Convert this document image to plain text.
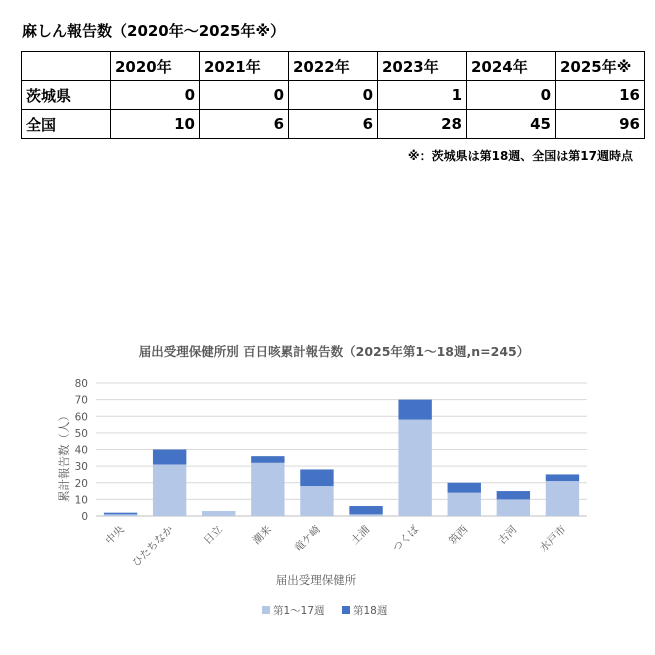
麻しん報告数（2020年～2025年※）
	2020年	2021年	2022年	2023年	2024年	2025年※
茨城県	0	0	0	1	0	16
全国	10	6	6	28	45	96
※：茨城県は第18週、全国は第17週時点
届出受理保健所別 百日咳累計報告数（2025年第1～18週,n=245）
0
10
20
30
40
50
60
70
80
累計報告数（人）
中央 ひたちなか 日立 潮来 竜ケ崎 土浦 つくば 筑西 古河 水戸市
届出受理保健所
第1～17週	第18週
